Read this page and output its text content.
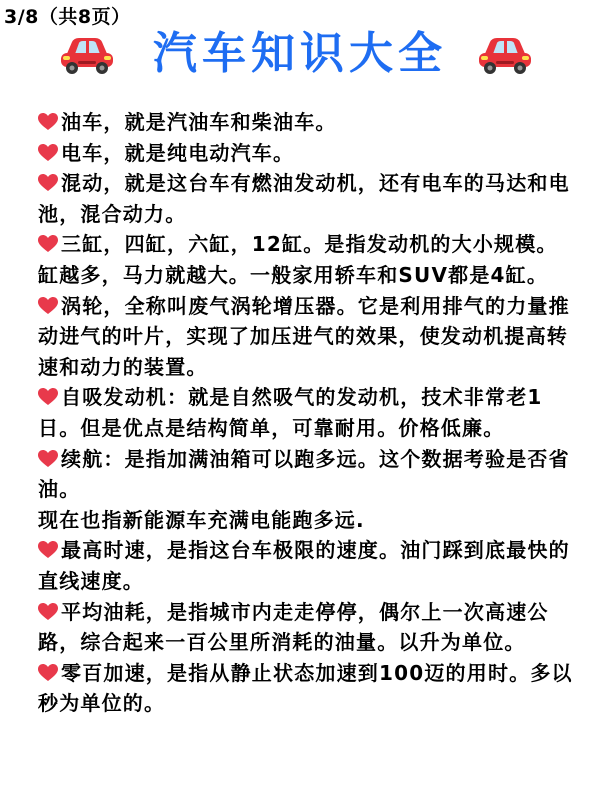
3/8（共8页）
汽车知识大全
油车，就是汽油车和柴油车。
电车，就是纯电动汽车。
混动，就是这台车有燃油发动机，还有电车的马达和电池，混合动力。
三缸，四缸，六缸，12缸。是指发动机的大小规模。缸越多，马力就越大。一般家用轿车和SUV都是4缸。
涡轮，全称叫废气涡轮增压器。它是利用排气的力量推动进气的叶片，实现了加压进气的效果，使发动机提高转速和动力的装置。
自吸发动机：就是自然吸气的发动机，技术非常老1日。但是优点是结构简单，可靠耐用。价格低廉。
续航：是指加满油箱可以跑多远。这个数据考验是否省油。
现在也指新能源车充满电能跑多远.
最高时速，是指这台车极限的速度。油门踩到底最快的直线速度。
平均油耗，是指城市内走走停停，偶尔上一次高速公路，综合起来一百公里所消耗的油量。以升为单位。
零百加速，是指从静止状态加速到100迈的用时。多以秒为单位的。
